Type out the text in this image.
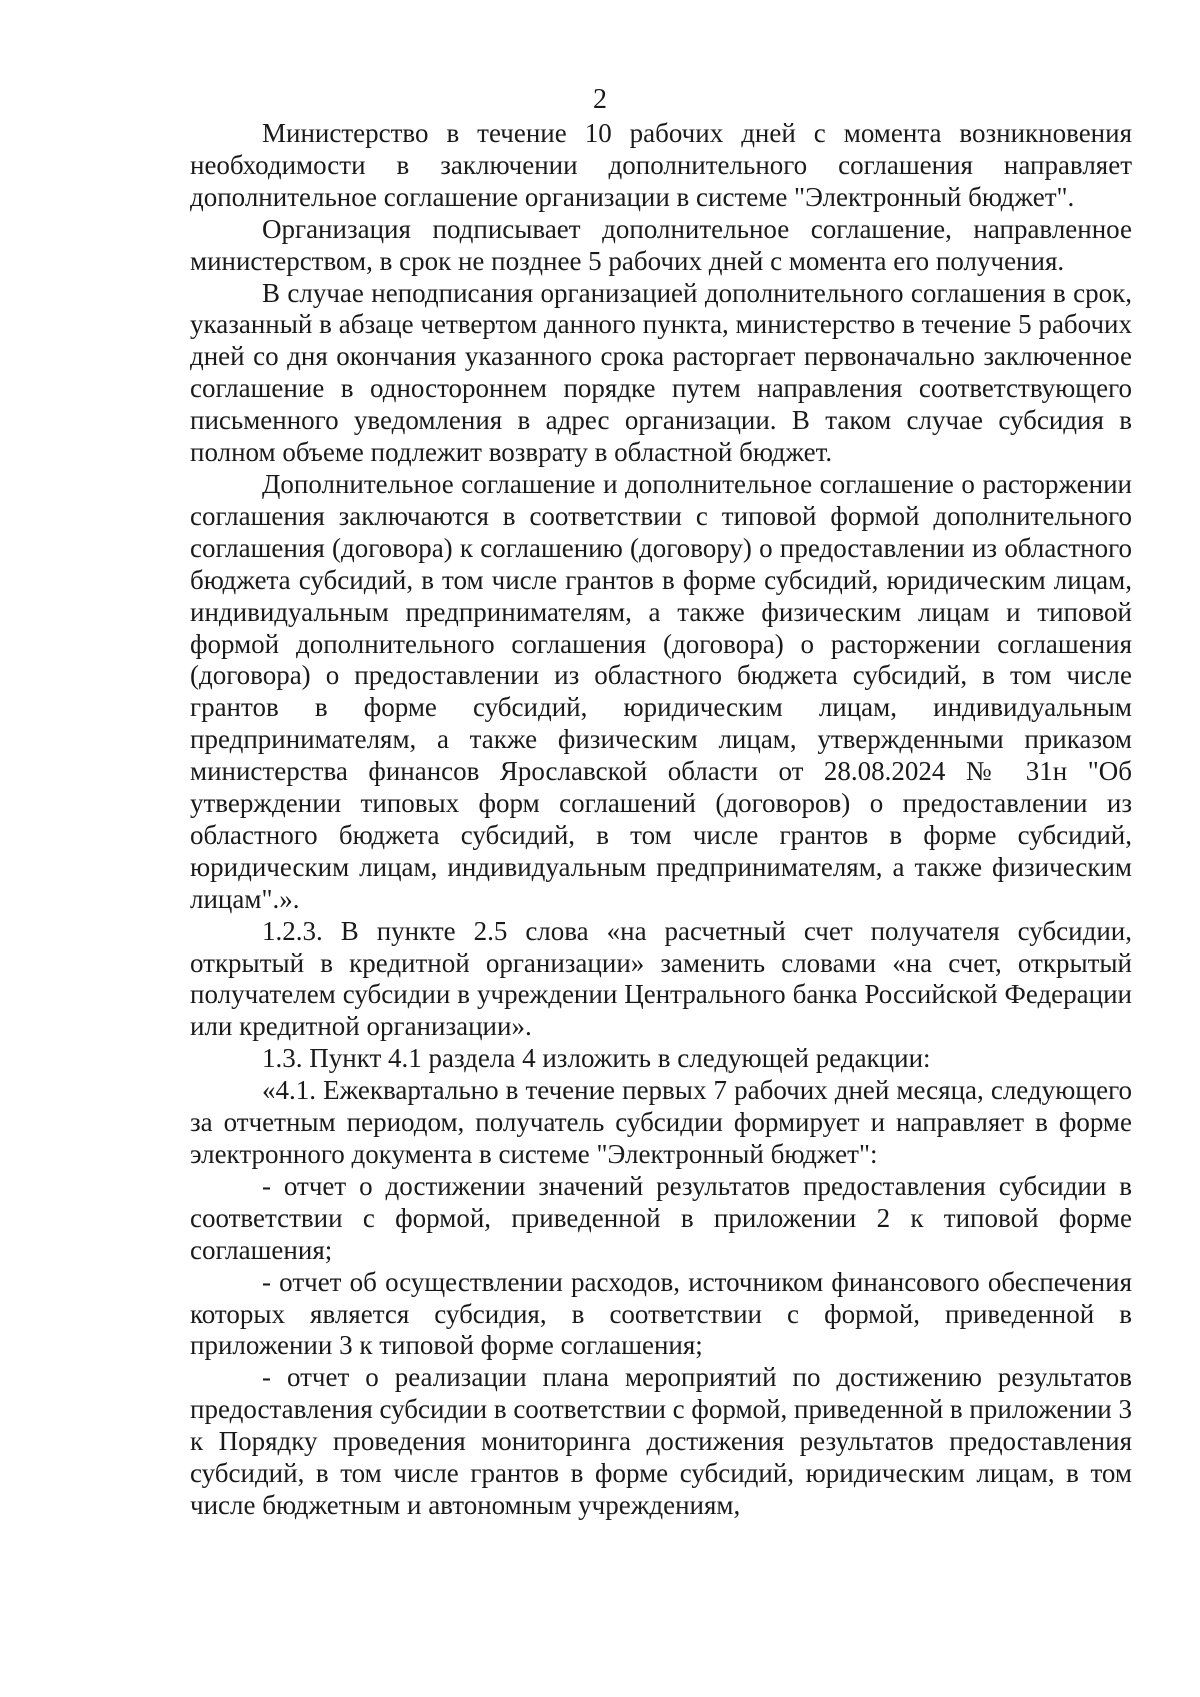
2

Министерство в течение 10 рабочих дней с момента возникновения необходимости в заключении дополнительного соглашения направляет дополнительное соглашение организации в системе "Электронный бюджет".

Организация подписывает дополнительное соглашение, направленное министерством, в срок не позднее 5 рабочих дней с момента его получения.

В случае неподписания организацией дополнительного соглашения в срок, указанный в абзаце четвертом данного пункта, министерство в течение 5 рабочих дней со дня окончания указанного срока расторгает первоначально заключенное соглашение в одностороннем порядке путем направления соответствующего письменного уведомления в адрес организации. В таком случае субсидия в полном объеме подлежит возврату в областной бюджет.

Дополнительное соглашение и дополнительное соглашение о расторжении соглашения заключаются в соответствии с типовой формой дополнительного соглашения (договора) к соглашению (договору) о предоставлении из областного бюджета субсидий, в том числе грантов в форме субсидий, юридическим лицам, индивидуальным предпринимателям, а также физическим лицам и типовой формой дополнительного соглашения (договора) о расторжении соглашения (договора) о предоставлении из областного бюджета субсидий, в том числе грантов в форме субсидий, юридическим лицам, индивидуальным предпринимателям, а также физическим лицам, утвержденными приказом министерства финансов Ярославской области от 28.08.2024 № 31н "Об утверждении типовых форм соглашений (договоров) о предоставлении из областного бюджета субсидий, в том числе грантов в форме субсидий, юридическим лицам, индивидуальным предпринимателям, а также физическим лицам".».

1.2.3. В пункте 2.5 слова «на расчетный счет получателя субсидии, открытый в кредитной организации» заменить словами «на счет, открытый получателем субсидии в учреждении Центрального банка Российской Федерации или кредитной организации».

1.3. Пункт 4.1 раздела 4 изложить в следующей редакции:

«4.1. Ежеквартально в течение первых 7 рабочих дней месяца, следующего за отчетным периодом, получатель субсидии формирует и направляет в форме электронного документа в системе "Электронный бюджет":

- отчет о достижении значений результатов предоставления субсидии в соответствии с формой, приведенной в приложении 2 к типовой форме соглашения;

- отчет об осуществлении расходов, источником финансового обеспечения которых является субсидия, в соответствии с формой, приведенной в приложении 3 к типовой форме соглашения;

- отчет о реализации плана мероприятий по достижению результатов предоставления субсидии в соответствии с формой, приведенной в приложении 3 к Порядку проведения мониторинга достижения результатов предоставления субсидий, в том числе грантов в форме субсидий, юридическим лицам, в том числе бюджетным и автономным учреждениям,
